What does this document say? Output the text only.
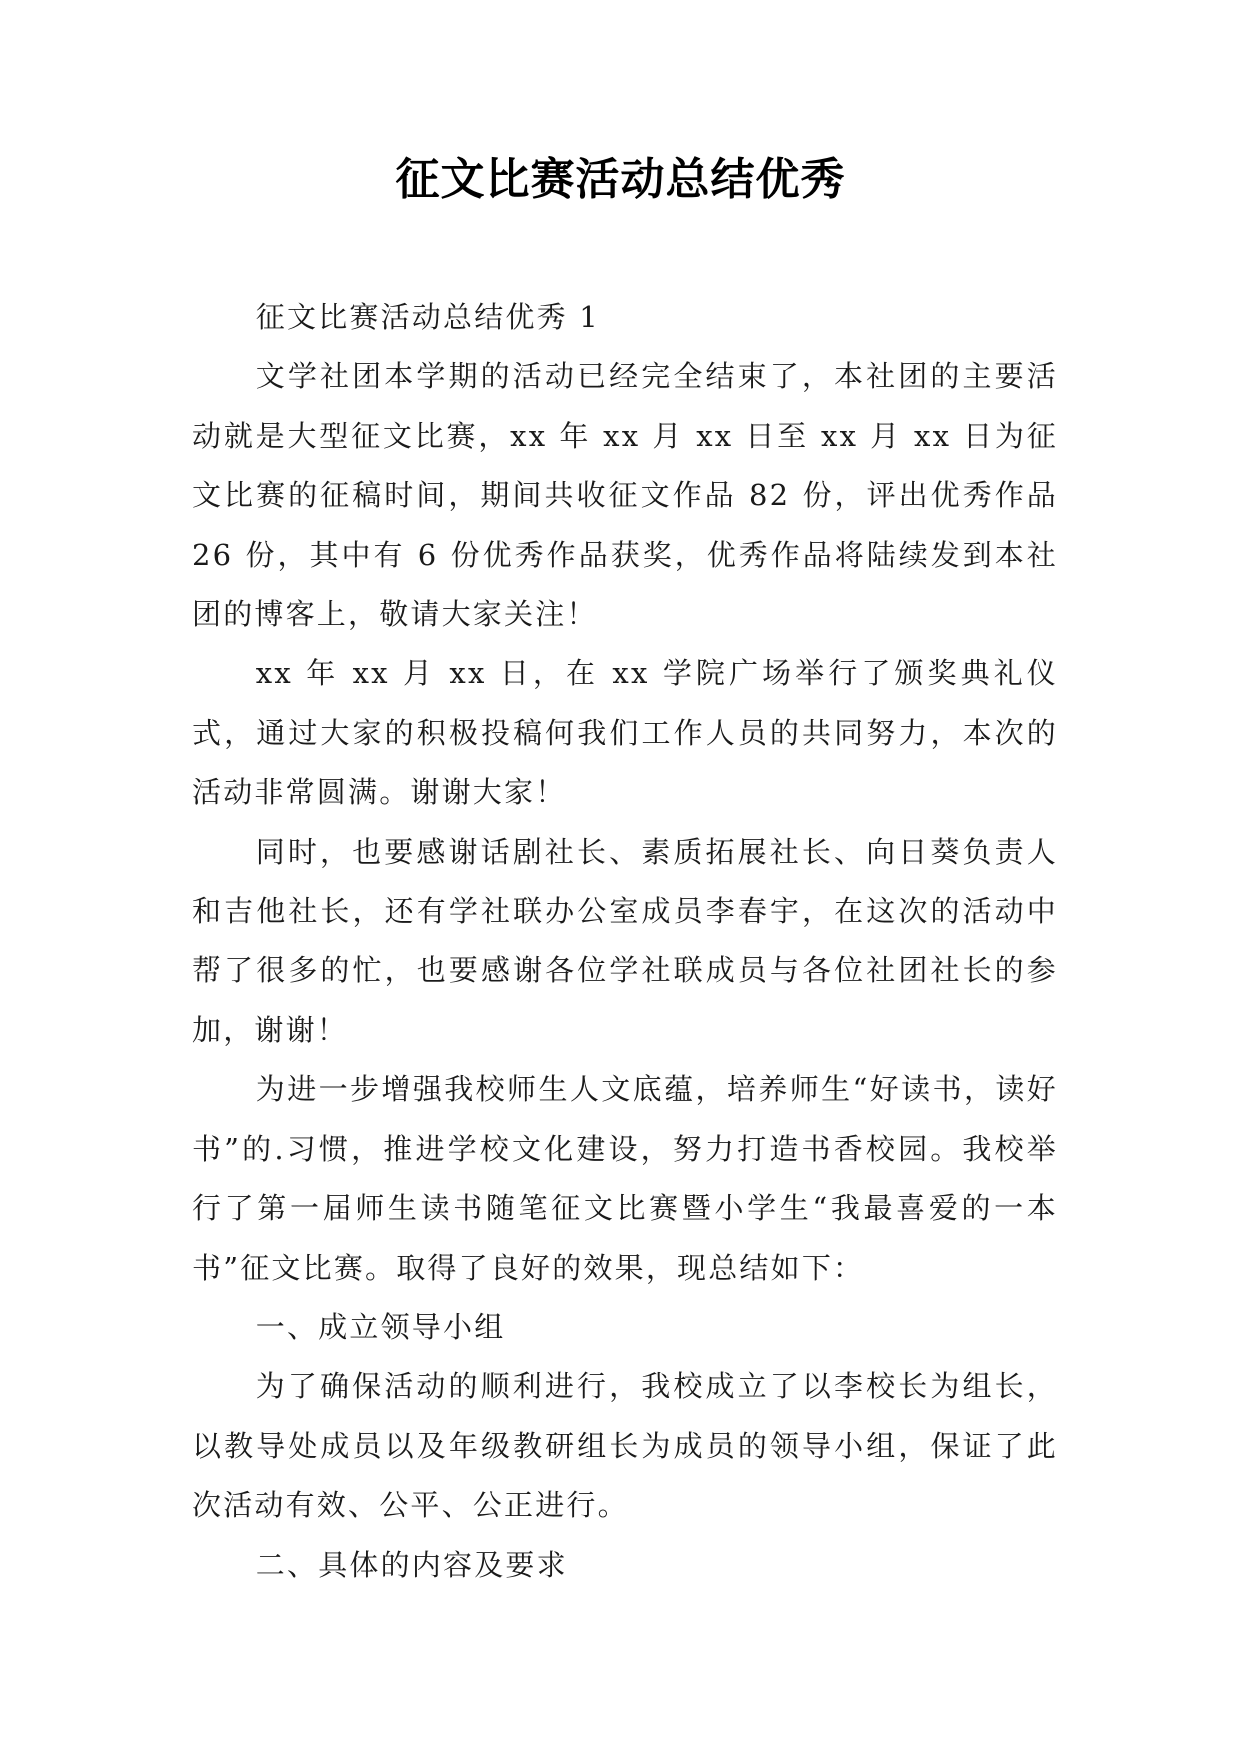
征文比赛活动总结优秀

征文比赛活动总结优秀 1

文学社团本学期的活动已经完全结束了，本社团的主要活动就是大型征文比赛，xx 年 xx 月 xx 日至 xx 月 xx 日为征文比赛的征稿时间，期间共收征文作品 82 份，评出优秀作品 26 份，其中有 6 份优秀作品获奖，优秀作品将陆续发到本社团的博客上，敬请大家关注！

xx 年 xx 月 xx 日，在 xx 学院广场举行了颁奖典礼仪式，通过大家的积极投稿何我们工作人员的共同努力，本次的活动非常圆满。谢谢大家！

同时，也要感谢话剧社长、素质拓展社长、向日葵负责人和吉他社长，还有学社联办公室成员李春宇，在这次的活动中帮了很多的忙，也要感谢各位学社联成员与各位社团社长的参加，谢谢！

为进一步增强我校师生人文底蕴，培养师生“好读书，读好书”的.习惯，推进学校文化建设，努力打造书香校园。我校举行了第一届师生读书随笔征文比赛暨小学生“我最喜爱的一本书”征文比赛。取得了良好的效果，现总结如下：

一、成立领导小组

为了确保活动的顺利进行，我校成立了以李校长为组长，以教导处成员以及年级教研组长为成员的领导小组，保证了此次活动有效、公平、公正进行。

二、具体的内容及要求
